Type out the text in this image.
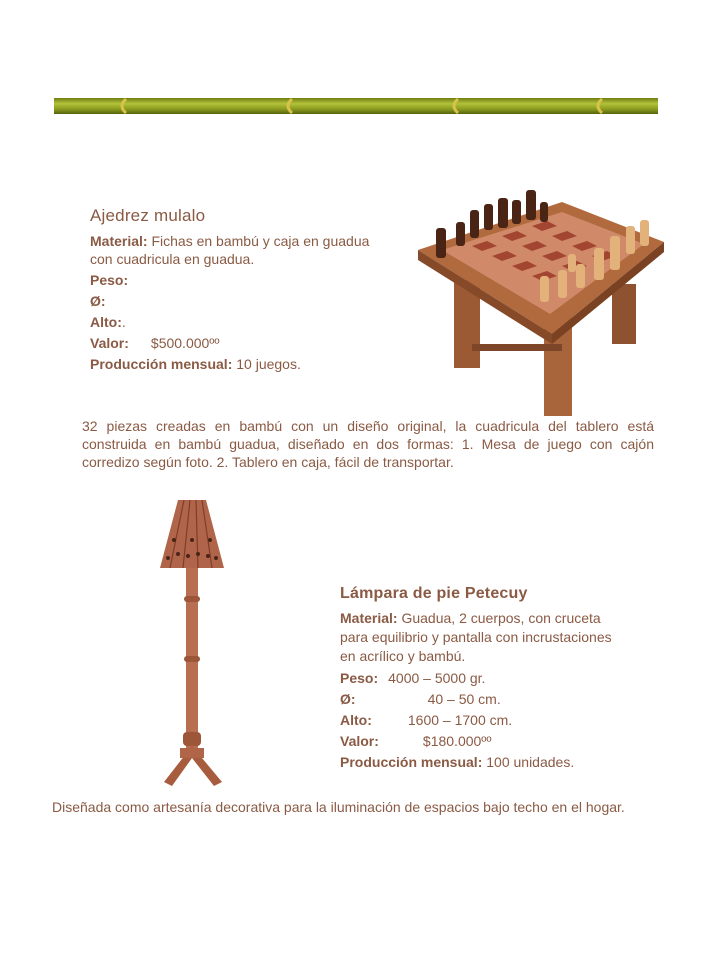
Ajedrez mulalo
Material: Fichas en bambú y caja en guadua
con cuadricula en guadua.
Peso:
Ø:
Alto:.
Valor: $500.000ºº
Producción mensual: 10 juegos.
32 piezas creadas en bambú con un diseño original, la cuadricula del tablero está construida en bambú guadua, diseñado en dos formas: 1. Mesa de juego con cajón corredizo según foto. 2. Tablero en caja, fácil de transportar.
Lámpara de pie Petecuy
Material: Guadua, 2 cuerpos, con cruceta
para equilibrio y pantalla con incrustaciones
en acrílico y bambú.
Peso: 4000 – 5000 gr.
Ø:	40 – 50 cm.
Alto:	1600 – 1700 cm.
Valor:	$180.000ºº
Producción mensual: 100 unidades.
Diseñada como artesanía decorativa para la iluminación de espacios bajo techo en el hogar.
